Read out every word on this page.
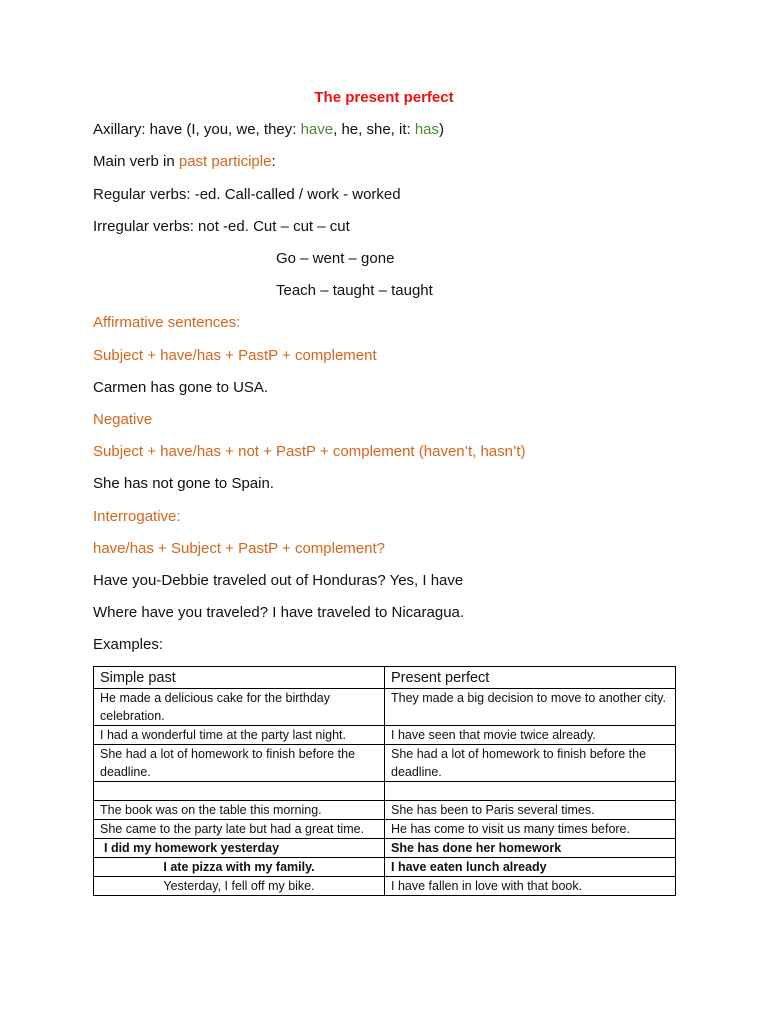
The present perfect
Axillary: have (I, you, we, they: have, he, she, it: has)
Main verb in past participle:
Regular verbs: -ed. Call-called / work - worked
Irregular verbs: not -ed. Cut – cut – cut
Go – went – gone
Teach – taught – taught
Affirmative sentences:
Subject + have/has + PastP + complement
Carmen has gone to USA.
Negative
Subject + have/has + not + PastP + complement (haven’t, hasn’t)
She has not gone to Spain.
Interrogative:
have/has + Subject + PastP + complement?
Have you-Debbie traveled out of Honduras? Yes, I have
Where have you traveled? I have traveled to Nicaragua.
Examples:
Simple past	Present perfect
He made a delicious cake for the birthday celebration.	They made a big decision to move to another city.
I had a wonderful time at the party last night.	I have seen that movie twice already.
She had a lot of homework to finish before the deadline.	She had a lot of homework to finish before the deadline.

The book was on the table this morning.	She has been to Paris several times.
She came to the party late but had a great time.	He has come to visit us many times before.
I did my homework yesterday	She has done her homework
I ate pizza with my family.	I have eaten lunch already
Yesterday, I fell off my bike.	I have fallen in love with that book.
